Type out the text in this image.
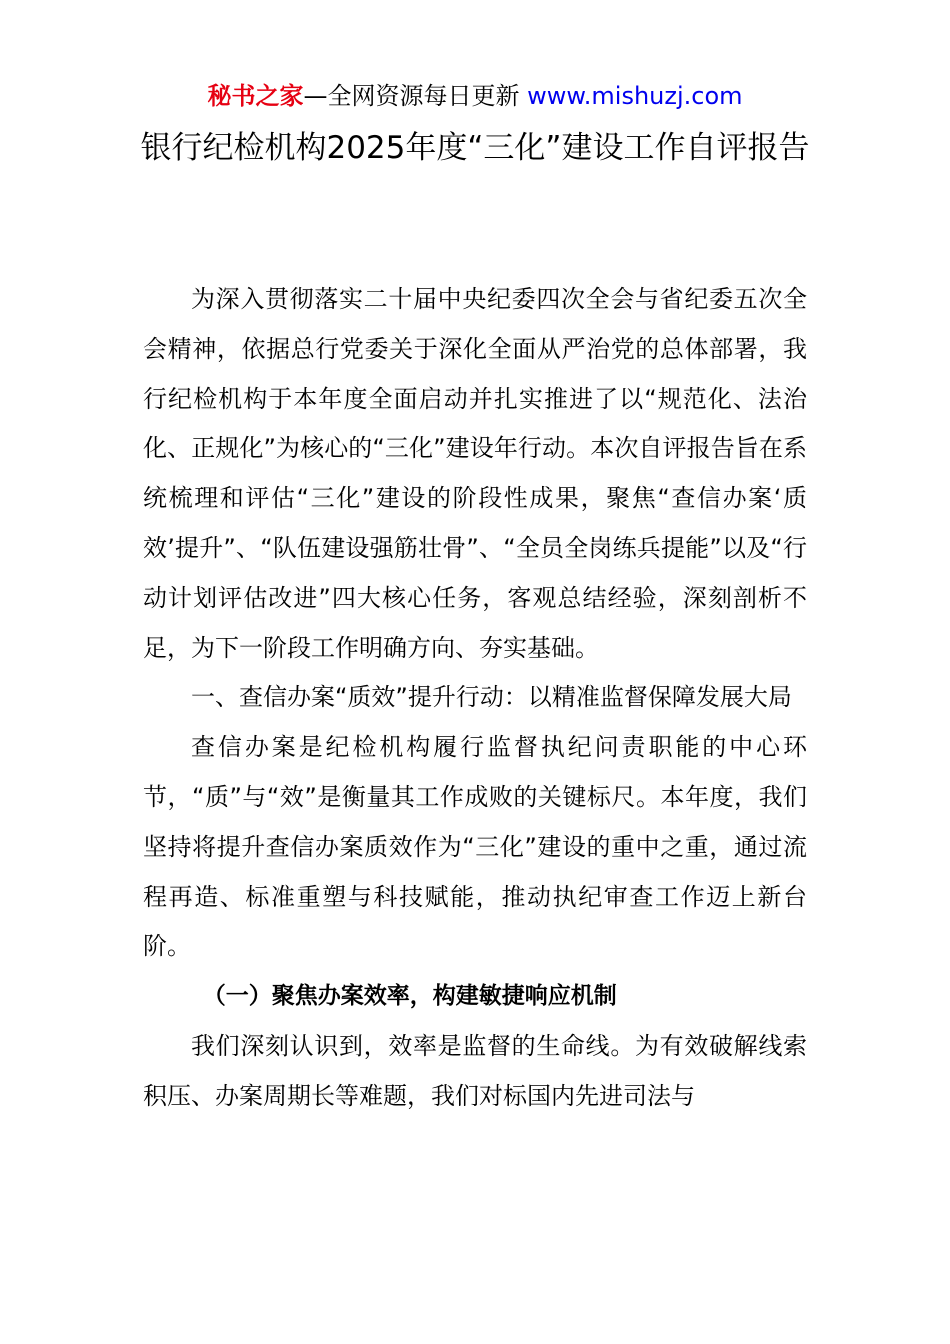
秘书之家—全网资源每日更新 www.mishuzj.com
银行纪检机构2025年度“三化”建设工作自评报告

为深入贯彻落实二十届中央纪委四次全会与省纪委五次全会精神，依据总行党委关于深化全面从严治党的总体部署，我行纪检机构于本年度全面启动并扎实推进了以“规范化、法治化、正规化”为核心的“三化”建设年行动。本次自评报告旨在系统梳理和评估“三化”建设的阶段性成果，聚焦“查信办案‘质效’提升”、“队伍建设强筋壮骨”、“全员全岗练兵提能”以及“行动计划评估改进”四大核心任务，客观总结经验，深刻剖析不足，为下一阶段工作明确方向、夯实基础。

一、查信办案“质效”提升行动：以精准监督保障发展大局

查信办案是纪检机构履行监督执纪问责职能的中心环节，“质”与“效”是衡量其工作成败的关键标尺。本年度，我们坚持将提升查信办案质效作为“三化”建设的重中之重，通过流程再造、标准重塑与科技赋能，推动执纪审查工作迈上新台阶。

（一）聚焦办案效率，构建敏捷响应机制

我们深刻认识到，效率是监督的生命线。为有效破解线索积压、办案周期长等难题，我们对标国内先进司法与
